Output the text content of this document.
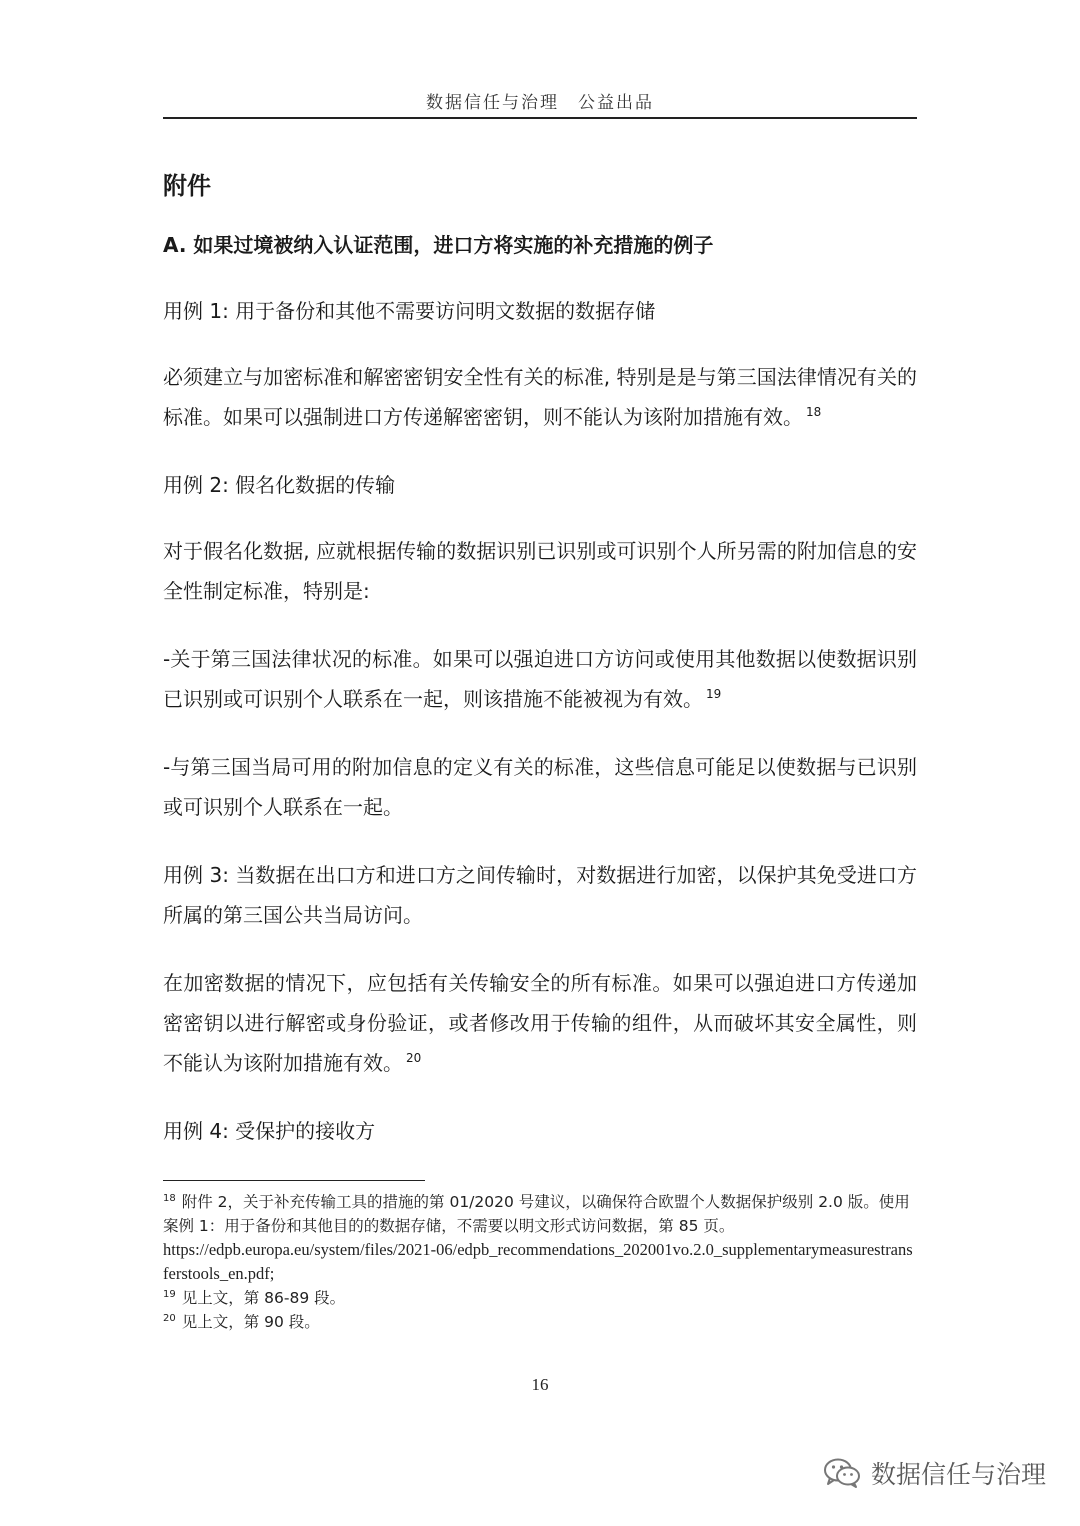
数据信任与治理　公益出品
附件
A. 如果过境被纳入认证范围，进口方将实施的补充措施的例子
用例 1: 用于备份和其他不需要访问明文数据的数据存储

必须建立与加密标准和解密密钥安全性有关的标准, 特别是是与第三国法律情况有关的标准。如果可以强制进口方传递解密密钥，则不能认为该附加措施有效。 $^{18}$

用例 2: 假名化数据的传输

对于假名化数据, 应就根据传输的数据识别已识别或可识别个人所另需的附加信息的安全性制定标准，特别是:

-关于第三国法律状况的标准。如果可以强迫进口方访问或使用其他数据以使数据识别已识别或可识别个人联系在一起，则该措施不能被视为有效。 $^{19}$

-与第三国当局可用的附加信息的定义有关的标准，这些信息可能足以使数据与已识别或可识别个人联系在一起。

用例 3: 当数据在出口方和进口方之间传输时，对数据进行加密，以保护其免受进口方所属的第三国公共当局访问。

在加密数据的情况下，应包括有关传输安全的所有标准。如果可以强迫进口方传递加密密钥以进行解密或身份验证，或者修改用于传输的组件，从而破坏其安全属性，则不能认为该附加措施有效。 $^{20}$

用例 4: 受保护的接收方

$^{18}$ 附件 2，关于补充传输工具的措施的第 01/2020 号建议，以确保符合欧盟个人数据保护级别 2.0 版。使用案例 1：用于备份和其他目的的数据存储，不需要以明文形式访问数据，第 85 页。

https://edpb.europa.eu/system/files/2021-06/edpb_recommendations_202001vo.2.0_supplementarymeasurestransferstools_en.pdf;

$^{19}$ 见上文，第 86-89 段。

$^{20}$ 见上文，第 90 段。

16
数据信任与治理
